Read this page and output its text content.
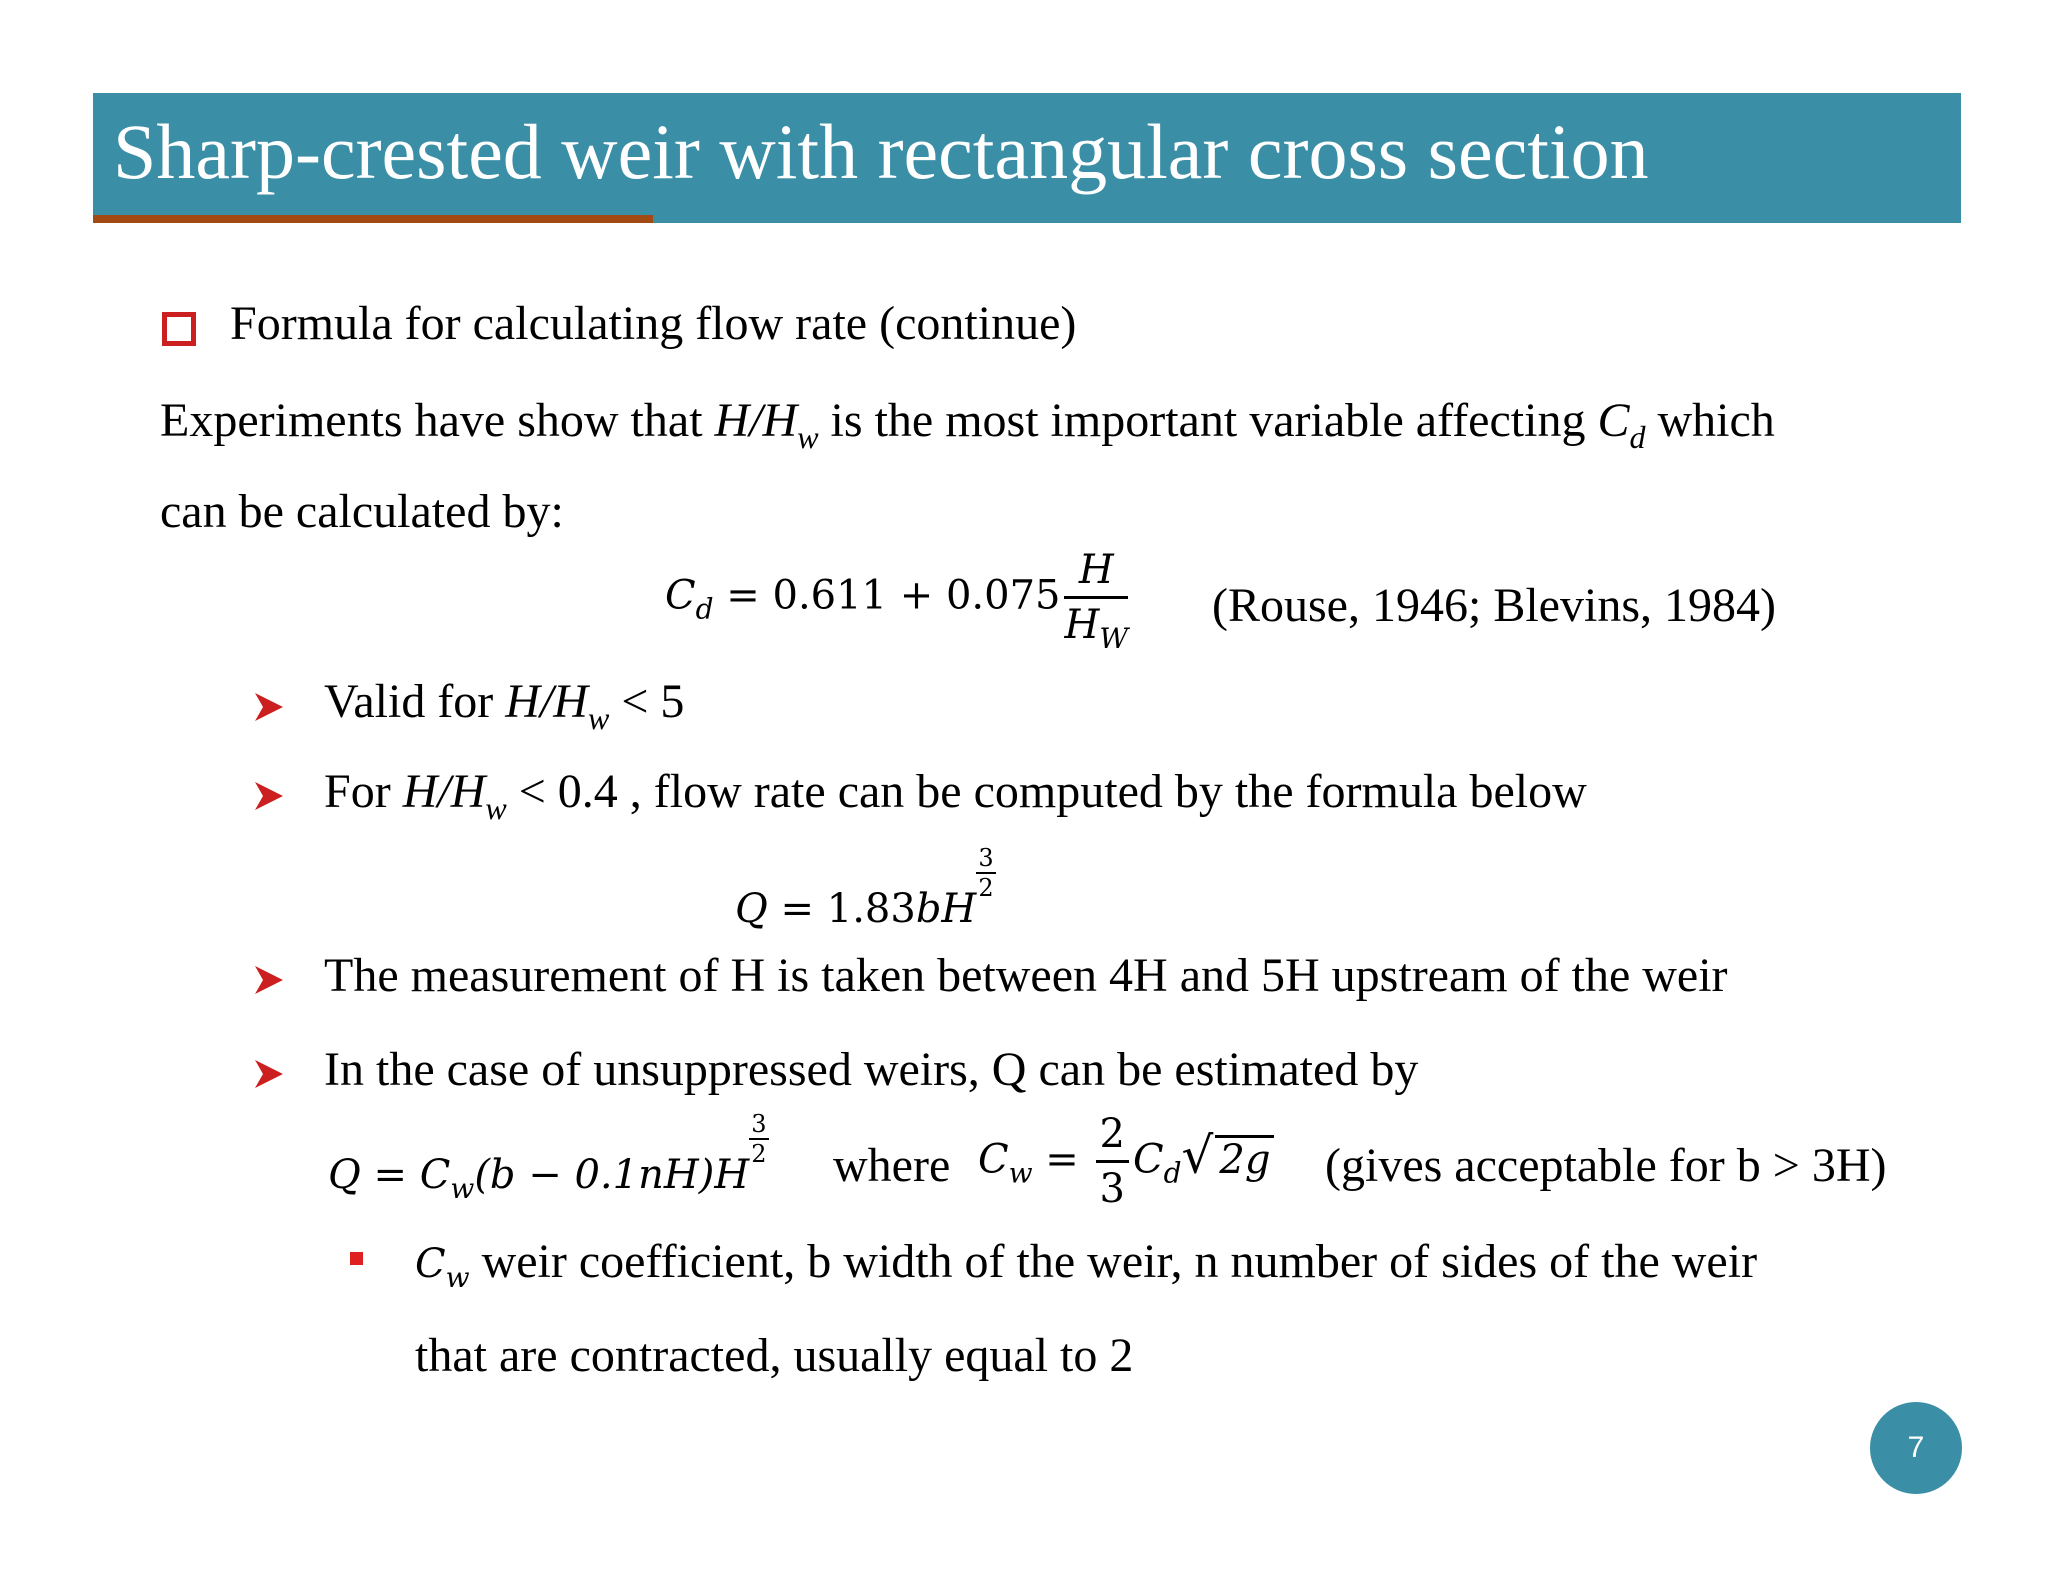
Sharp-crested weir with rectangular cross section
Formula for calculating flow rate (continue)
Experiments have show that $H/H_w$ is the most important variable affecting $C_d$ which
can be calculated by:
$C_d = 0.611 + 0.075 \frac{H}{H_W}$ (Rouse, 1946; Blevins, 1984)
Valid for $H/H_w < 5$
For $H/H_w < 0.4$ , flow rate can be computed by the formula below
Q = 1.83bH
$\frac{3}{2}$
The measurement of H is taken between 4H and 5H upstream of the weir
In the case of unsuppressed weirs, Q can be estimated by
$Q = C_w(b - 0.1nH)H$
$\frac{3}{2}$ where $C_w = \frac{2}{3} C_d√$ 2g (gives acceptable for b > 3H)
$C_w$ weir coefficient, b width of the weir, n number of sides of the weir
that are contracted, usually equal to 2
7
